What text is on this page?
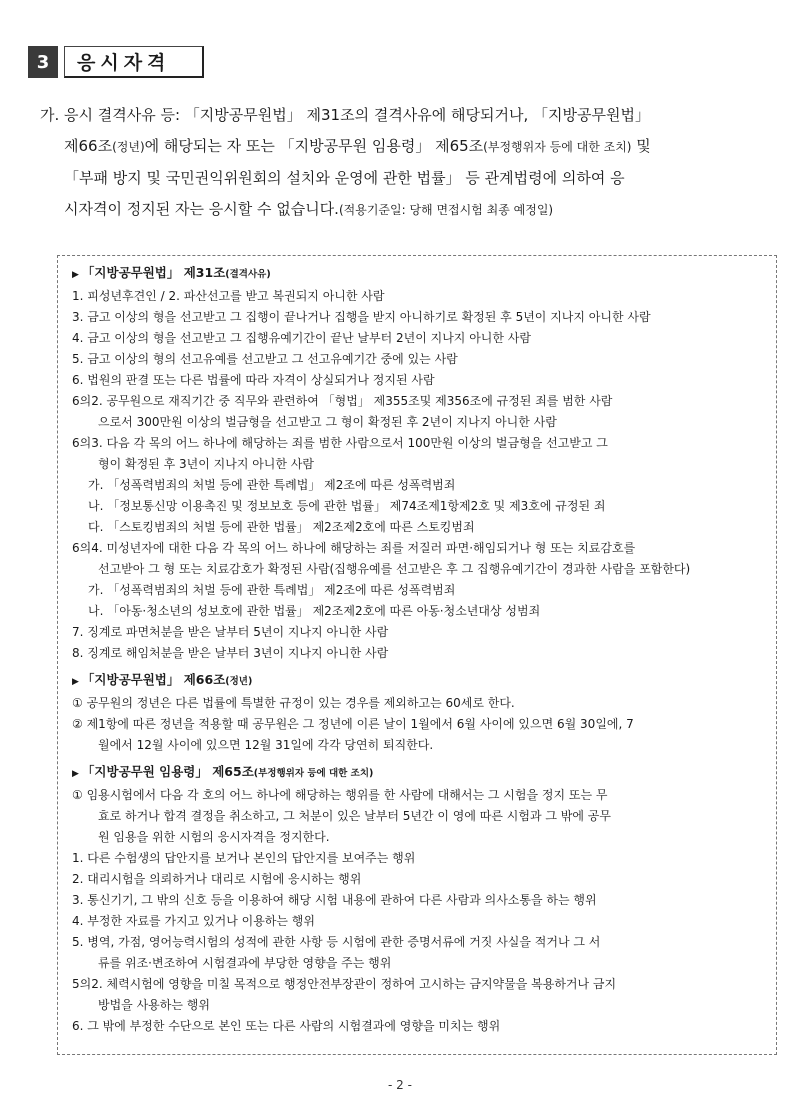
3	응시자격
가. 응시 결격사유 등: 「지방공무원법」 제31조의 결격사유에 해당되거나, 「지방공무원법」
제66조(정년)에 해당되는 자 또는 「지방공무원 임용령」 제65조(부정행위자 등에 대한 조치) 및
「부패 방지 및 국민권익위원회의 설치와 운영에 관한 법률」 등 관계법령에 의하여 응
시자격이 정지된 자는 응시할 수 없습니다.(적용기준일: 당해 면접시험 최종 예정일)
▶ 「지방공무원법」 제31조(결격사유)
1. 피성년후견인 / 2. 파산선고를 받고 복권되지 아니한 사람
3. 금고 이상의 형을 선고받고 그 집행이 끝나거나 집행을 받지 아니하기로 확정된 후 5년이 지나지 아니한 사람
4. 금고 이상의 형을 선고받고 그 집행유예기간이 끝난 날부터 2년이 지나지 아니한 사람
5. 금고 이상의 형의 선고유예를 선고받고 그 선고유예기간 중에 있는 사람
6. 법원의 판결 또는 다른 법률에 따라 자격이 상실되거나 정지된 사람
6의2. 공무원으로 재직기간 중 직무와 관련하여 「형법」 제355조및 제356조에 규정된 죄를 범한 사람
으로서 300만원 이상의 벌금형을 선고받고 그 형이 확정된 후 2년이 지나지 아니한 사람
6의3. 다음 각 목의 어느 하나에 해당하는 죄를 범한 사람으로서 100만원 이상의 벌금형을 선고받고 그
형이 확정된 후 3년이 지나지 아니한 사람
가. 「성폭력범죄의 처벌 등에 관한 특례법」 제2조에 따른 성폭력범죄
나. 「정보통신망 이용촉진 및 정보보호 등에 관한 법률」 제74조제1항제2호 및 제3호에 규정된 죄
다. 「스토킹범죄의 처벌 등에 관한 법률」 제2조제2호에 따른 스토킹범죄
6의4. 미성년자에 대한 다음 각 목의 어느 하나에 해당하는 죄를 저질러 파면·해임되거나 형 또는 치료감호를
선고받아 그 형 또는 치료감호가 확정된 사람(집행유예를 선고받은 후 그 집행유예기간이 경과한 사람을 포함한다)
가. 「성폭력범죄의 처벌 등에 관한 특례법」 제2조에 따른 성폭력범죄
나. 「아동·청소년의 성보호에 관한 법률」 제2조제2호에 따른 아동·청소년대상 성범죄
7. 징계로 파면처분을 받은 날부터 5년이 지나지 아니한 사람
8. 징계로 해임처분을 받은 날부터 3년이 지나지 아니한 사람
▶ 「지방공무원법」 제66조(정년)
① 공무원의 정년은 다른 법률에 특별한 규정이 있는 경우를 제외하고는 60세로 한다.
② 제1항에 따른 정년을 적용할 때 공무원은 그 정년에 이른 날이 1월에서 6월 사이에 있으면 6월 30일에, 7
월에서 12월 사이에 있으면 12월 31일에 각각 당연히 퇴직한다.
▶ 「지방공무원 임용령」 제65조(부정행위자 등에 대한 조치)
① 임용시험에서 다음 각 호의 어느 하나에 해당하는 행위를 한 사람에 대해서는 그 시험을 정지 또는 무
효로 하거나 합격 결정을 취소하고, 그 처분이 있은 날부터 5년간 이 영에 따른 시험과 그 밖에 공무
원 임용을 위한 시험의 응시자격을 정지한다.
1. 다른 수험생의 답안지를 보거나 본인의 답안지를 보여주는 행위
2. 대리시험을 의뢰하거나 대리로 시험에 응시하는 행위
3. 통신기기, 그 밖의 신호 등을 이용하여 해당 시험 내용에 관하여 다른 사람과 의사소통을 하는 행위
4. 부정한 자료를 가지고 있거나 이용하는 행위
5. 병역, 가점, 영어능력시험의 성적에 관한 사항 등 시험에 관한 증명서류에 거짓 사실을 적거나 그 서
류를 위조·변조하여 시험결과에 부당한 영향을 주는 행위
5의2. 체력시험에 영향을 미칠 목적으로 행정안전부장관이 정하여 고시하는 금지약물을 복용하거나 금지
방법을 사용하는 행위
6. 그 밖에 부정한 수단으로 본인 또는 다른 사람의 시험결과에 영향을 미치는 행위
- 2 -
